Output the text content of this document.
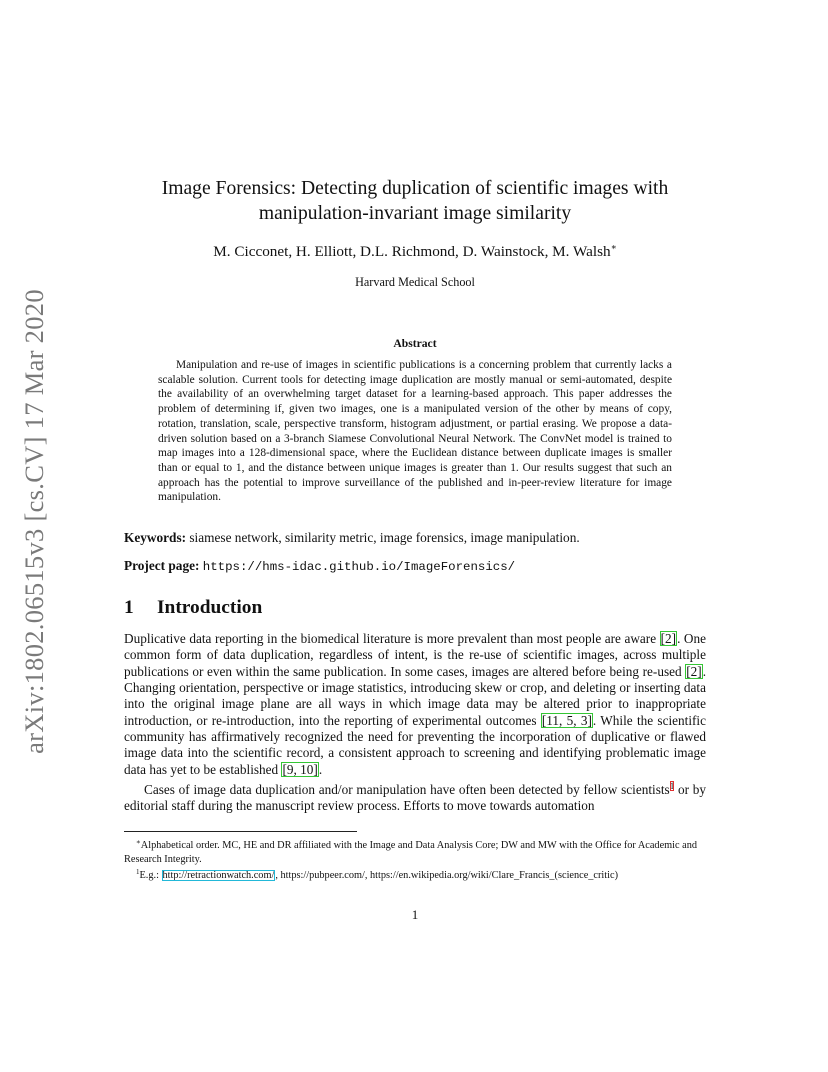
arXiv:1802.06515v3 [cs.CV] 17 Mar 2020
Image Forensics: Detecting duplication of scientific images with
manipulation-invariant image similarity
M. Cicconet, H. Elliott, D.L. Richmond, D. Wainstock, M. Walsh∗
Harvard Medical School
Abstract

Manipulation and re-use of images in scientific publications is a concerning problem that currently lacks a scalable solution. Current tools for detecting image duplication are mostly manual or semi-automated, despite the availability of an overwhelming target dataset for a learning-based approach. This paper addresses the problem of determining if, given two images, one is a manipulated version of the other by means of copy, rotation, translation, scale, perspective transform, histogram adjustment, or partial erasing. We propose a data-driven solution based on a 3-branch Siamese Convolutional Neural Network. The ConvNet model is trained to map images into a 128-dimensional space, where the Euclidean distance between duplicate images is smaller than or equal to 1, and the distance between unique images is greater than 1. Our results suggest that such an approach has the potential to improve surveillance of the published and in-peer-review literature for image manipulation.

Keywords: siamese network, similarity metric, image forensics, image manipulation.
Project page: https://hms-idac.github.io/ImageForensics/
1 Introduction

Duplicative data reporting in the biomedical literature is more prevalent than most people are aware [2]. One common form of data duplication, regardless of intent, is the re-use of scientific images, across multiple publications or even within the same publication. In some cases, images are altered before being re-used [2]. Changing orientation, perspective or image statistics, introducing skew or crop, and deleting or inserting data into the original image plane are all ways in which image data may be altered prior to inappropriate introduction, or re-introduction, into the reporting of experimental outcomes [11, 5, 3]. While the scientific community has affirmatively recognized the need for preventing the incorporation of duplicative or flawed image data into the scientific record, a consistent approach to screening and identifying problematic image data has yet to be established [9, 10].

Cases of image data duplication and/or manipulation have often been detected by fellow scientists$^1$ or by editorial staff during the manuscript review process. Efforts to move towards automation

∗Alphabetical order. MC, HE and DR affiliated with the Image and Data Analysis Core; DW and MW with the Office for Academic and Research Integrity.

$^1$E.g.: http://retractionwatch.com/, https://pubpeer.com/, https://en.wikipedia.org/wiki/Clare_Francis_(science_critic)

1
